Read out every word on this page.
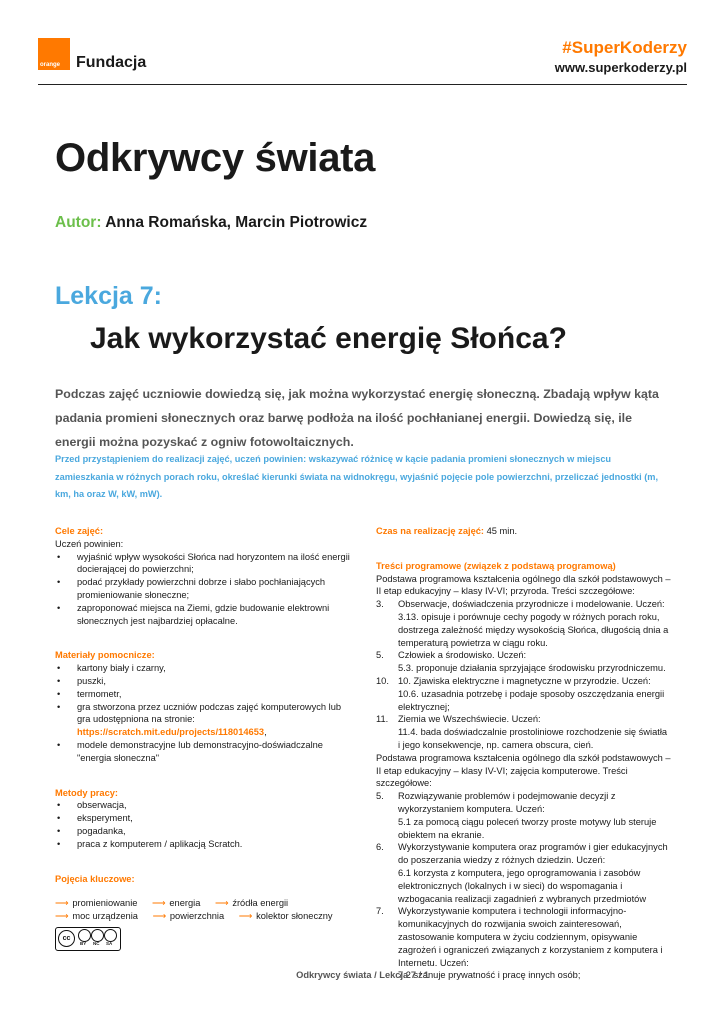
orange Fundacja
#SuperKoderzy
www.superkoderzy.pl
Odkrywcy świata
Autor: Anna Romańska, Marcin Piotrowicz
Lekcja 7:
Jak wykorzystać energię Słońca?
Podczas zajęć uczniowie dowiedzą się, jak można wykorzystać energię słoneczną. Zbadają wpływ kąta padania promieni słonecznych oraz barwę podłoża na ilość pochłanianej energii. Dowiedzą się, ile energii można pozyskać z ogniw fotowoltaicznych.
Przed przystąpieniem do realizacji zajęć, uczeń powinien: wskazywać różnicę w kącie padania promieni słonecznych w miejscu zamieszkania w różnych porach roku, określać kierunki świata na widnokręgu, wyjaśnić pojęcie pole powierzchni, przeliczać jednostki (m, km, ha oraz W, kW, mW).
Cele zajęć:
Uczeń powinien:
• wyjaśnić wpływ wysokości Słońca nad horyzontem na ilość energii docierającej do powierzchni;
• podać przykłady powierzchni dobrze i słabo pochłaniających promieniowanie słoneczne;
• zaproponować miejsca na Ziemi, gdzie budowanie elektrowni słonecznych jest najbardziej opłacalne.
Materiały pomocnicze:
• kartony biały i czarny,
• puszki,
• termometr,
• gra stworzona przez uczniów podczas zajęć komputerowych lub gra udostępniona na stronie:
https://scratch.mit.edu/projects/118014653,
• modele demonstracyjne lub demonstracyjno-doświadczalne "energia słoneczna"
Metody pracy:
• obserwacja,
• eksperyment,
• pogadanka,
• praca z komputerem / aplikacją Scratch.
Pojęcia kluczowe:
⟶ promieniowanie ⟶ energia ⟶ źródła energii
⟶ moc urządzenia ⟶ powierzchnia ⟶ kolektor słoneczny
cc
BY NC SA
Czas na realizację zajęć: 45 min.
Treści programowe (związek z podstawą programową)
Podstawa programowa kształcenia ogólnego dla szkół podstawowych – II etap edukacyjny – klasy IV-VI; przyroda. Treści szczegółowe:
3. Obserwacje, doświadczenia przyrodnicze i modelowanie. Uczeń:
3.13. opisuje i porównuje cechy pogody w różnych porach roku, dostrzega zależność między wysokością Słońca, długością dnia a temperaturą powietrza w ciągu roku.
5. Człowiek a środowisko. Uczeń:
5.3. proponuje działania sprzyjające środowisku przyrodniczemu.
10. 10. Zjawiska elektryczne i magnetyczne w przyrodzie. Uczeń:
10.6. uzasadnia potrzebę i podaje sposoby oszczędzania energii elektrycznej;
11. Ziemia we Wszechświecie. Uczeń:
11.4. bada doświadczalnie prostoliniowe rozchodzenie się światła i jego konsekwencje, np. camera obscura, cień.
Podstawa programowa kształcenia ogólnego dla szkół podstawowych – II etap edukacyjny – klasy IV-VI; zajęcia komputerowe. Treści szczegółowe:
5. Rozwiązywanie problemów i podejmowanie decyzji z wykorzystaniem komputera. Uczeń:
5.1 za pomocą ciągu poleceń tworzy proste motywy lub steruje obiektem na ekranie.
6. Wykorzystywanie komputera oraz programów i gier edukacyjnych do poszerzania wiedzy z różnych dziedzin. Uczeń:
6.1 korzysta z komputera, jego oprogramowania i zasobów elektronicznych (lokalnych i w sieci) do wspomagania i wzbogacania realizacji zagadnień z wybranych przedmiotów
7. Wykorzystywanie komputera i technologii informacyjno-komunikacyjnych do rozwijania swoich zainteresowań, zastosowanie komputera w życiu codziennym, opisywanie zagrożeń i ograniczeń związanych z korzystaniem z komputera i Internetu. Uczeń:
7.2 szanuje prywatność i pracę innych osób;
Odkrywcy świata / Lekcja 7 / 1
